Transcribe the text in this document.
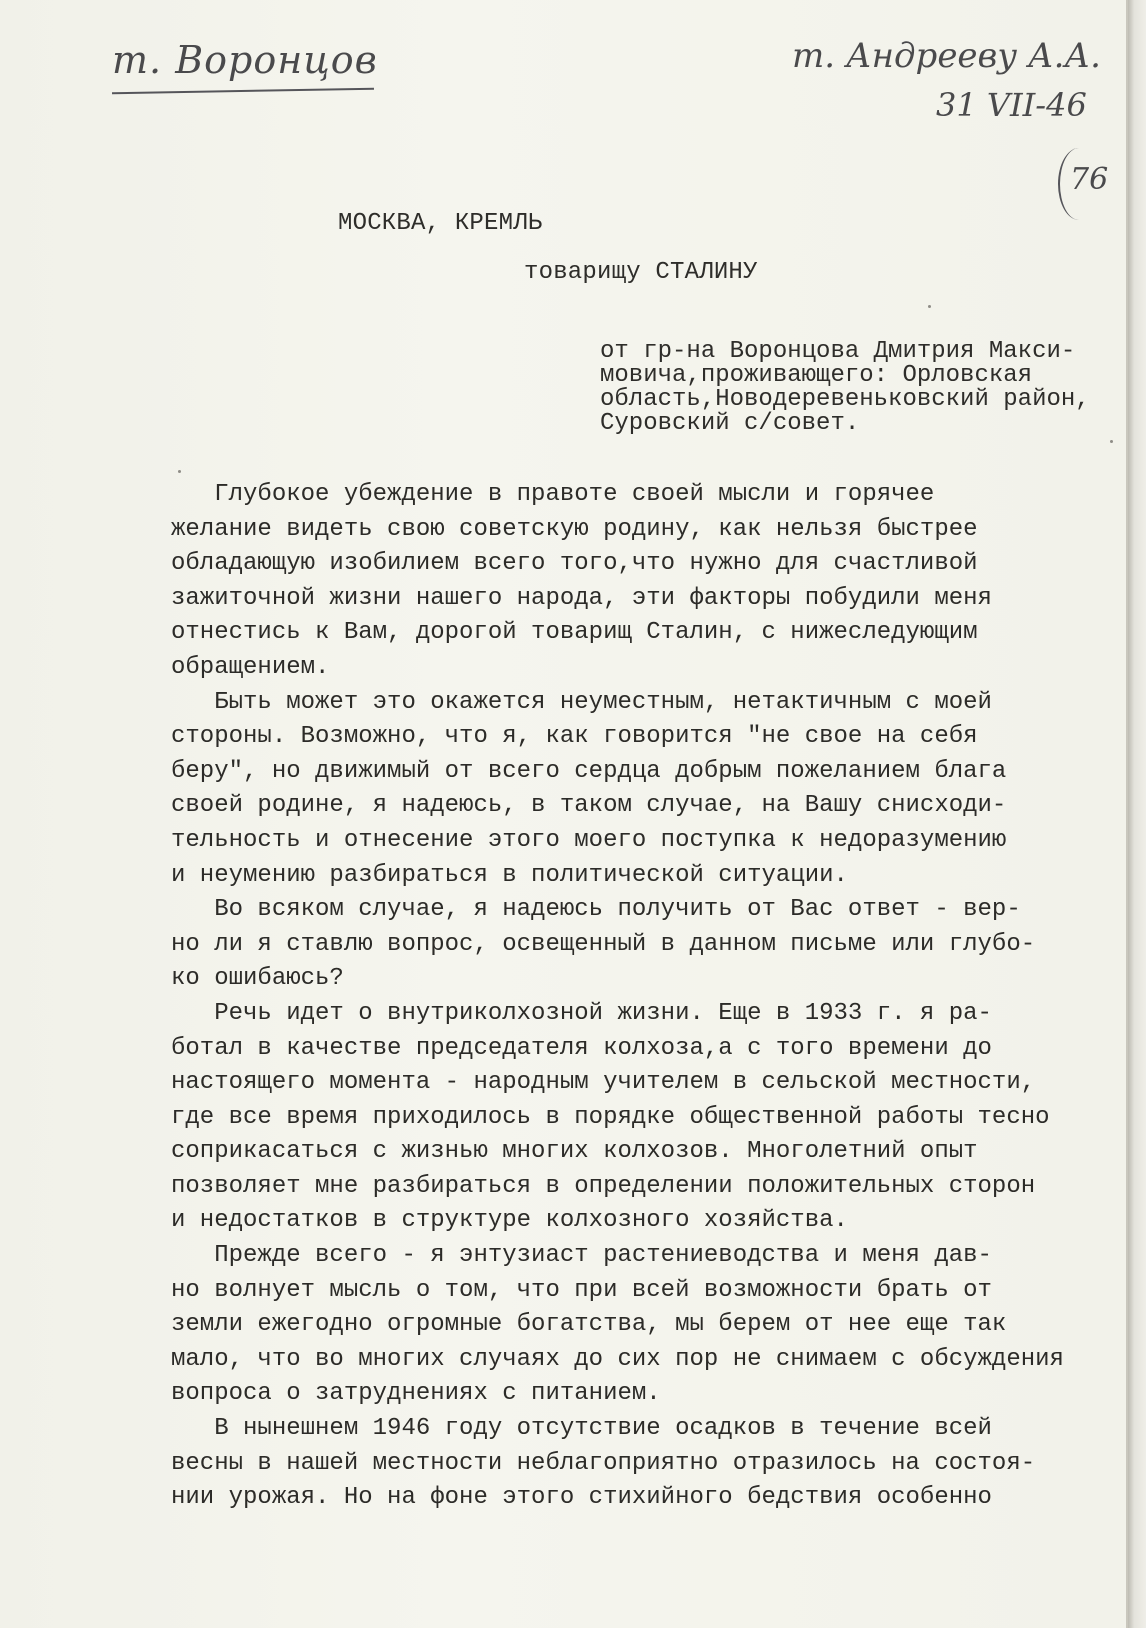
т. Воронцов	т. Андрееву А.А.
31 VII-46
76
МОСКВА, КРЕМЛЬ
товарищу СТАЛИНУ
от гр-на Воронцова Дмитрия Макси-
мовича,проживающего: Орловская
область,Новодеревеньковский район,
Суровский с/совет.
Глубокое убеждение в правоте своей мысли и горячее
желание видеть свою советскую родину, как нельзя быстрее
обладающую изобилием всего того,что нужно для счастливой
зажиточной жизни нашего народа, эти факторы побудили меня
отнестись к Вам, дорогой товарищ Сталин, с нижеследующим
обращением.
Быть может это окажется неуместным, нетактичным с моей
стороны. Возможно, что я, как говорится "не свое на себя
беру", но движимый от всего сердца добрым пожеланием блага
своей родине, я надеюсь, в таком случае, на Вашу снисходи-
тельность и отнесение этого моего поступка к недоразумению
и неумению разбираться в политической ситуации.
Во всяком случае, я надеюсь получить от Вас ответ - вер-
но ли я ставлю вопрос, освещенный в данном письме или глубо-
ко ошибаюсь?
Речь идет о внутриколхозной жизни. Еще в 1933 г. я ра-
ботал в качестве председателя колхоза,а с того времени до
настоящего момента - народным учителем в сельской местности,
где все время приходилось в порядке общественной работы тесно
соприкасаться с жизнью многих колхозов. Многолетний опыт
позволяет мне разбираться в определении положительных сторон
и недостатков в структуре колхозного хозяйства.
Прежде всего - я энтузиаст растениеводства и меня дав-
но волнует мысль о том, что при всей возможности брать от
земли ежегодно огромные богатства, мы берем от нее еще так
мало, что во многих случаях до сих пор не снимаем с обсуждения
вопроса о затруднениях с питанием.
В нынешнем 1946 году отсутствие осадков в течение всей
весны в нашей местности неблагоприятно отразилось на состоя-
нии урожая. Но на фоне этого стихийного бедствия особенно
